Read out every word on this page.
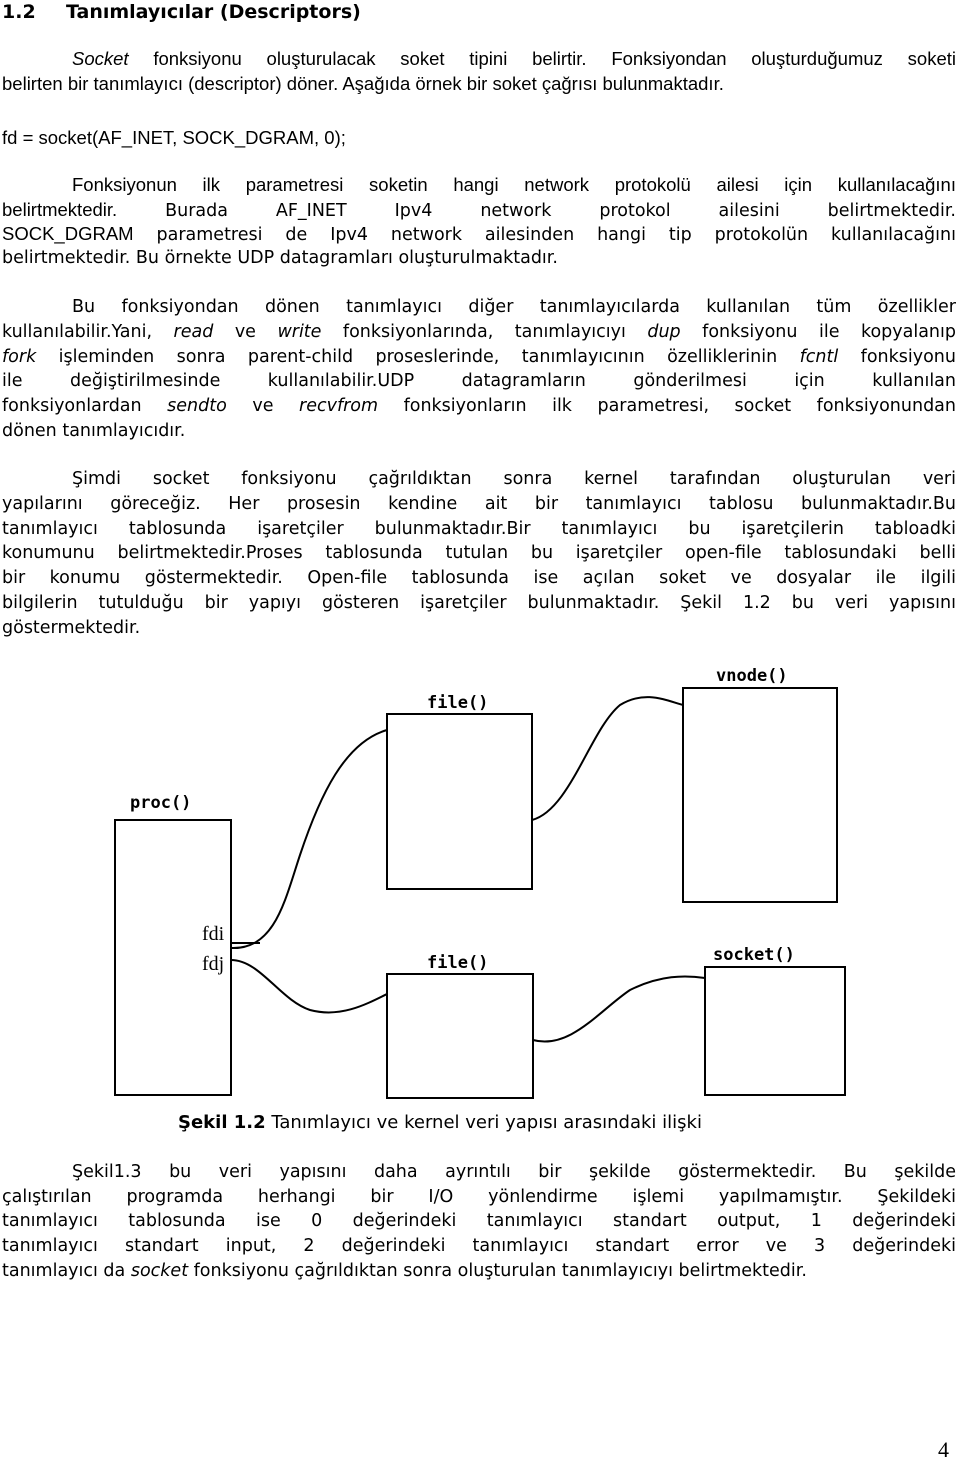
1.2 Tanımlayıcılar (Descriptors)
Socket fonksiyonu oluşturulacak soket tipini belirtir. Fonksiyondan oluşturduğumuz soketi
belirten bir tanımlayıcı (descriptor) döner. Aşağıda örnek bir soket çağrısı bulunmaktadır.
fd = socket(AF_INET, SOCK_DGRAM, 0);
Fonksiyonun ilk parametresi soketin hangi network protokolü ailesi için kullanılacağını
belirtmektedir. Burada AF_INET Ipv4 network protokol ailesini belirtmektedir.
SOCK_DGRAM parametresi de Ipv4 network ailesinden hangi tip protokolün kullanılacağını
belirtmektedir. Bu örnekte UDP datagramları oluşturulmaktadır.
Bu fonksiyondan dönen tanımlayıcı diğer tanımlayıcılarda kullanılan tüm özellikler
kullanılabilir.Yani, read ve write fonksiyonlarında, tanımlayıcıyı dup fonksiyonu ile kopyalanıp
fork işleminden sonra parent-child proseslerinde, tanımlayıcının özelliklerinin fcntl fonksiyonu
ile değiştirilmesinde kullanılabilir.UDP datagramların gönderilmesi için kullanılan
fonksiyonlardan sendto ve recvfrom fonksiyonların ilk parametresi, socket fonksiyonundan
dönen tanımlayıcıdır.
Şimdi socket fonksiyonu çağrıldıktan sonra kernel tarafından oluşturulan veri
yapılarını göreceğiz. Her prosesin kendine ait bir tanımlayıcı tablosu bulunmaktadır.Bu
tanımlayıcı tablosunda işaretçiler bulunmaktadır.Bir tanımlayıcı bu işaretçilerin tabloadki
konumunu belirtmektedir.Proses tablosunda tutulan bu işaretçiler open-file tablosundaki belli
bir konumu göstermektedir. Open-file tablosunda ise açılan soket ve dosyalar ile ilgili
bilgilerin tutulduğu bir yapıyı gösteren işaretçiler bulunmaktadır. Şekil 1.2 bu veri yapısını
göstermektedir.
vnode()
file()
proc()
fdi
fdj	file()	socket()
Şekil 1.2 Tanımlayıcı ve kernel veri yapısı arasındaki ilişki
Şekil1.3 bu veri yapısını daha ayrıntılı bir şekilde göstermektedir. Bu şekilde
çalıştırılan programda herhangi bir I/O yönlendirme işlemi yapılmamıştır. Şekildeki
tanımlayıcı tablosunda ise 0 değerindeki tanımlayıcı standart output, 1 değerindeki
tanımlayıcı standart input, 2 değerindeki tanımlayıcı standart error ve 3 değerindeki
tanımlayıcı da socket fonksiyonu çağrıldıktan sonra oluşturulan tanımlayıcıyı belirtmektedir.
4
